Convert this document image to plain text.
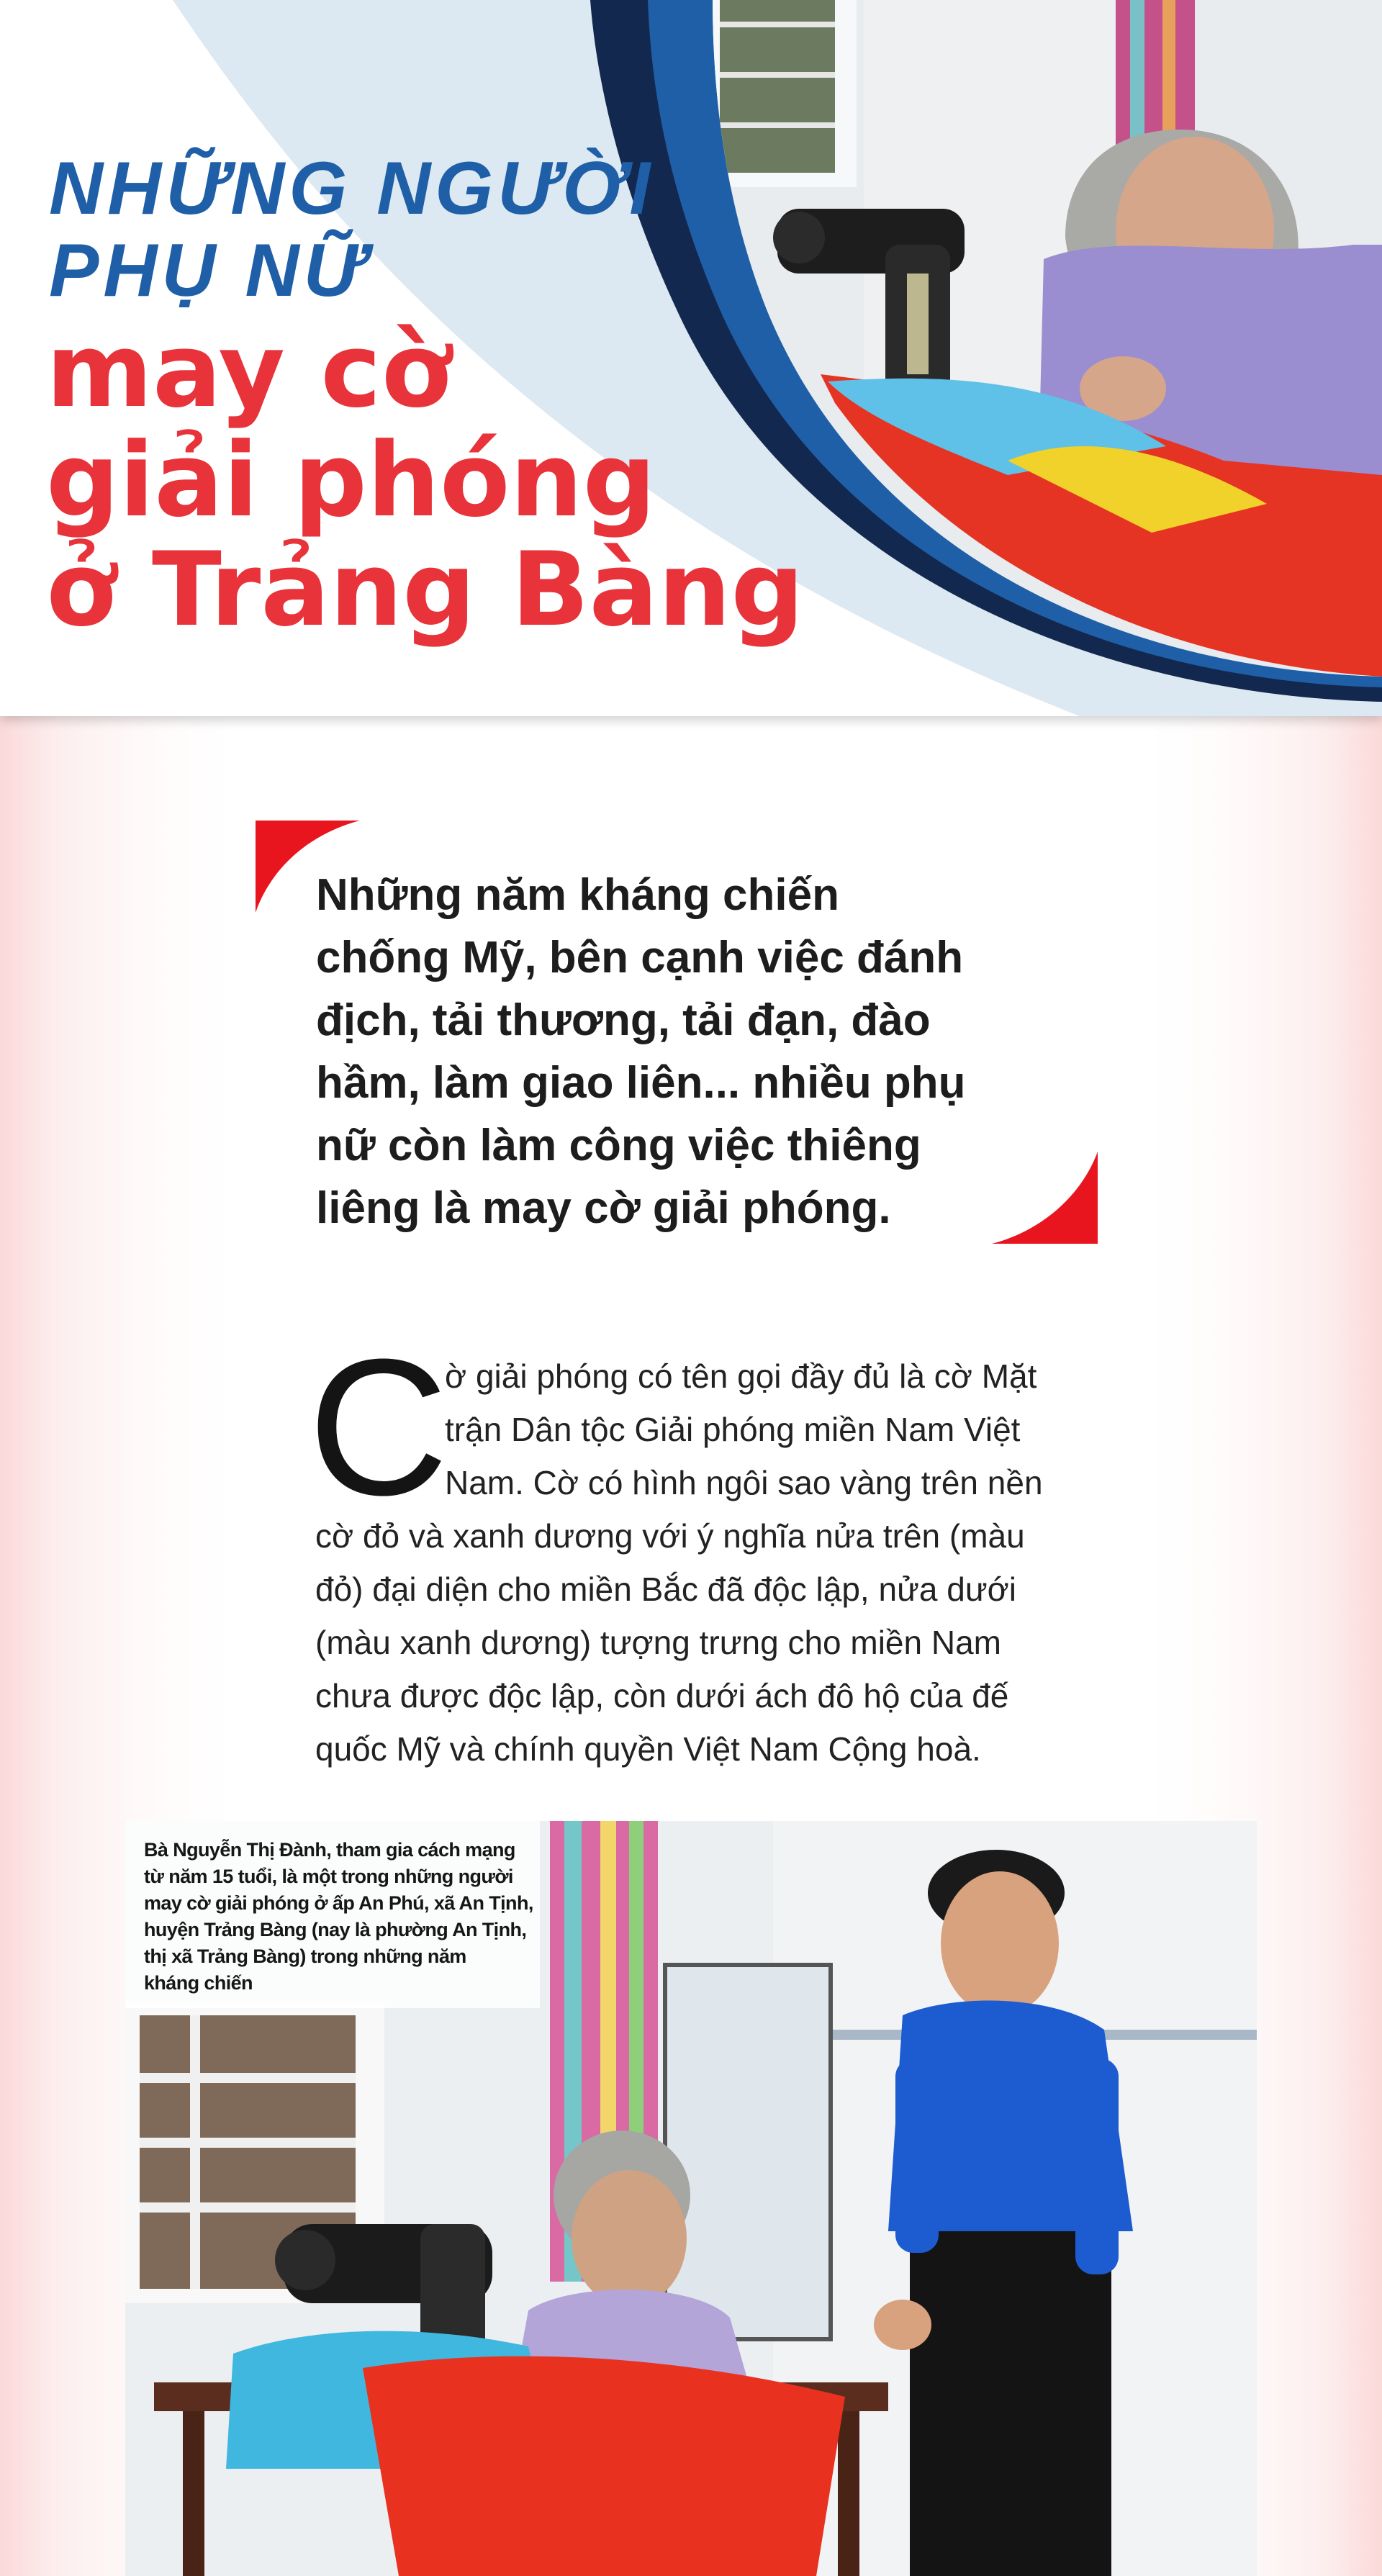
NHỮNG NGƯỜI
PHỤ NỮ
may cờ
giải phóng
ở Trảng Bàng
Những năm kháng chiến
chống Mỹ, bên cạnh việc đánh
địch, tải thương, tải đạn, đào
hầm, làm giao liên... nhiều phụ
nữ còn làm công việc thiêng
liêng là may cờ giải phóng.
C
ờ giải phóng có tên gọi đầy đủ là cờ Mặt
trận Dân tộc Giải phóng miền Nam Việt
Nam. Cờ có hình ngôi sao vàng trên nền
cờ đỏ và xanh dương với ý nghĩa nửa trên (màu
đỏ) đại diện cho miền Bắc đã độc lập, nửa dưới
(màu xanh dương) tượng trưng cho miền Nam
chưa được độc lập, còn dưới ách đô hộ của đế
quốc Mỹ và chính quyền Việt Nam Cộng hoà.
Bà Nguyễn Thị Đành, tham gia cách mạng
từ năm 15 tuổi, là một trong những người
may cờ giải phóng ở ấp An Phú, xã An Tịnh,
huyện Trảng Bàng (nay là phường An Tịnh,
thị xã Trảng Bàng) trong những năm
kháng chiến
